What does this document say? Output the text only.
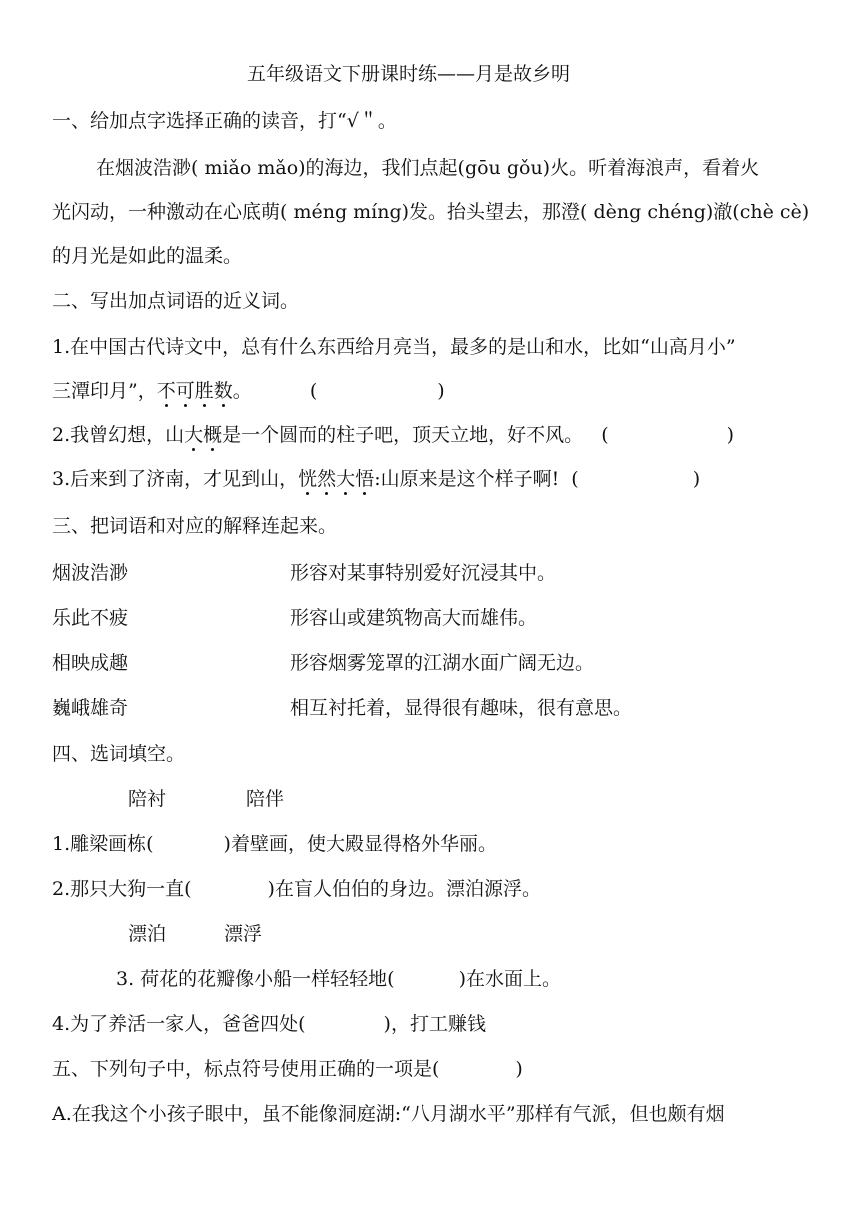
五年级语文下册课时练——月是故乡明
一、给加点字选择正确的读音，打“√＂。
在烟波浩渺( miǎo mǎo)的海边，我们点起(gōu gǒu)火。听着海浪声，看着火
光闪动，一种激动在心底萌( méng míng)发。抬头望去，那澄( dèng chéng)澈(chè cè)
的月光是如此的温柔。
二、写出加点词语的近义词。
1.在中国古代诗文中，总有什么东西给月亮当，最多的是山和水，比如“山高月小”
三潭印月”，不可胜数。	(	)
2.我曾幻想，山大概是一个圆而的柱子吧，顶天立地，好不风。 (	)
3.后来到了济南，才见到山，恍然大悟:山原来是这个样子啊! (	)
三、把词语和对应的解释连起来。
烟波浩渺	形容对某事特别爱好沉浸其中。
乐此不疲	形容山或建筑物高大而雄伟。
相映成趣	形容烟雾笼罩的江湖水面广阔无边。
巍峨雄奇	相互衬托着，显得很有趣味，很有意思。
四、选词填空。
陪衬	陪伴
1.雕梁画栋(	)着壁画，使大殿显得格外华丽。
2.那只大狗一直(	)在盲人伯伯的身边。漂泊源浮。
漂泊	漂浮
3. 荷花的花瓣像小船一样轻轻地(	)在水面上。
4.为了养活一家人，爸爸四处(	)，打工赚钱
五、下列句子中，标点符号使用正确的一项是(	)
A.在我这个小孩子眼中，虽不能像洞庭湖:“八月湖水平”那样有气派，但也颇有烟
